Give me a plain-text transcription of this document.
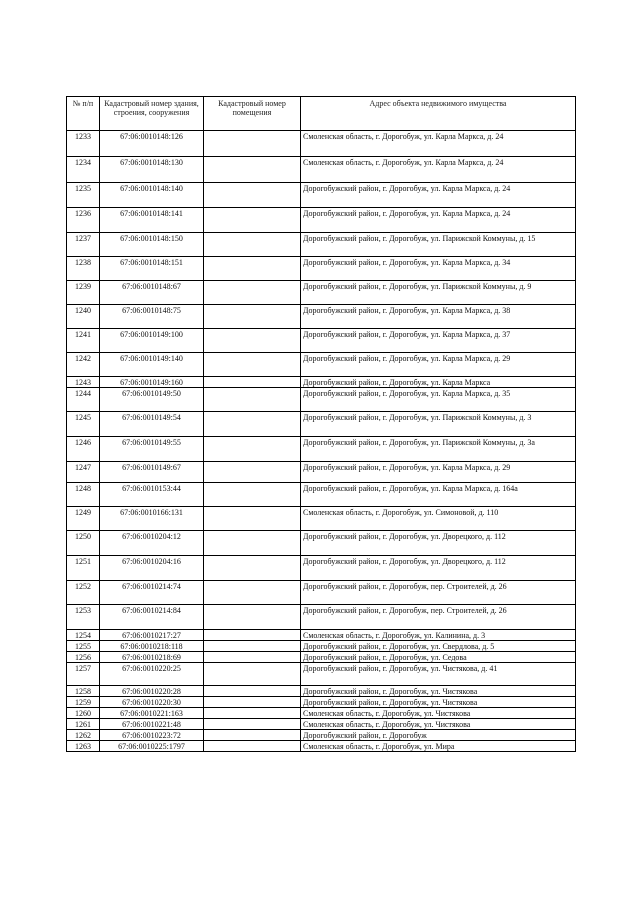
№ п/п	Кадастровый номер здания, строения, сооружения	Кадастровый номер помещения	Адрес объекта недвижимого имущества
1233	67:06:0010148:126		Смоленская область, г. Дорогобуж, ул. Карла Маркса, д. 24
1234	67:06:0010148:130		Смоленская область, г. Дорогобуж, ул. Карла Маркса, д. 24
1235	67:06:0010148:140		Дорогобужский район, г. Дорогобуж, ул. Карла Маркса, д. 24
1236	67:06:0010148:141		Дорогобужский район, г. Дорогобуж, ул. Карла Маркса, д. 24
1237	67:06:0010148:150		Дорогобужский район, г. Дорогобуж, ул. Парижской Коммуны, д. 15
1238	67:06:0010148:151		Дорогобужский район, г. Дорогобуж, ул. Карла Маркса, д. 34
1239	67:06:0010148:67		Дорогобужский район, г. Дорогобуж, ул. Парижской Коммуны, д. 9
1240	67:06:0010148:75		Дорогобужский район, г. Дорогобуж, ул. Карла Маркса, д. 38
1241	67:06:0010149:100		Дорогобужский район, г. Дорогобуж, ул. Карла Маркса, д. 37
1242	67:06:0010149:140		Дорогобужский район, г. Дорогобуж, ул. Карла Маркса, д. 29
1243	67:06:0010149:160		Дорогобужский район, г. Дорогобуж, ул. Карла Маркса
1244	67:06:0010149:50		Дорогобужский район, г. Дорогобуж, ул. Карла Маркса, д. 35
1245	67:06:0010149:54		Дорогобужский район, г. Дорогобуж, ул. Парижской Коммуны, д. 3
1246	67:06:0010149:55		Дорогобужский район, г. Дорогобуж, ул. Парижской Коммуны, д. 3а
1247	67:06:0010149:67		Дорогобужский район, г. Дорогобуж, ул. Карла Маркса, д. 29
1248	67:06:0010153:44		Дорогобужский район, г. Дорогобуж, ул. Карла Маркса, д. 164а
1249	67:06:0010166:131		Смоленская область, г. Дорогобуж, ул. Симоновой, д. 110
1250	67:06:0010204:12		Дорогобужский район, г. Дорогобуж, ул. Дворецкого, д. 112
1251	67:06:0010204:16		Дорогобужский район, г. Дорогобуж, ул. Дворецкого, д. 112
1252	67:06:0010214:74		Дорогобужский район, г. Дорогобуж, пер. Строителей, д. 26
1253	67:06:0010214:84		Дорогобужский район, г. Дорогобуж, пер. Строителей, д. 26
1254	67:06:0010217:27		Смоленская область, г. Дорогобуж, ул. Калинина, д. 3
1255	67:06:0010218:118		Дорогобужский район, г. Дорогобуж, ул. Свердлова, д. 5
1256	67:06:0010218:69		Дорогобужский район, г. Дорогобуж, ул. Седова
1257	67:06:0010220:25		Дорогобужский район, г. Дорогобуж, ул. Чистякова, д. 41
1258	67:06:0010220:28		Дорогобужский район, г. Дорогобуж, ул. Чистякова
1259	67:06:0010220:30		Дорогобужский район, г. Дорогобуж, ул. Чистякова
1260	67:06:0010221:163		Смоленская область, г. Дорогобуж, ул. Чистякова
1261	67:06:0010221:48		Смоленская область, г. Дорогобуж, ул. Чистякова
1262	67:06:0010223:72		Дорогобужский район, г. Дорогобуж
1263	67:06:0010225:1797		Смоленская область, г. Дорогобуж, ул. Мира
